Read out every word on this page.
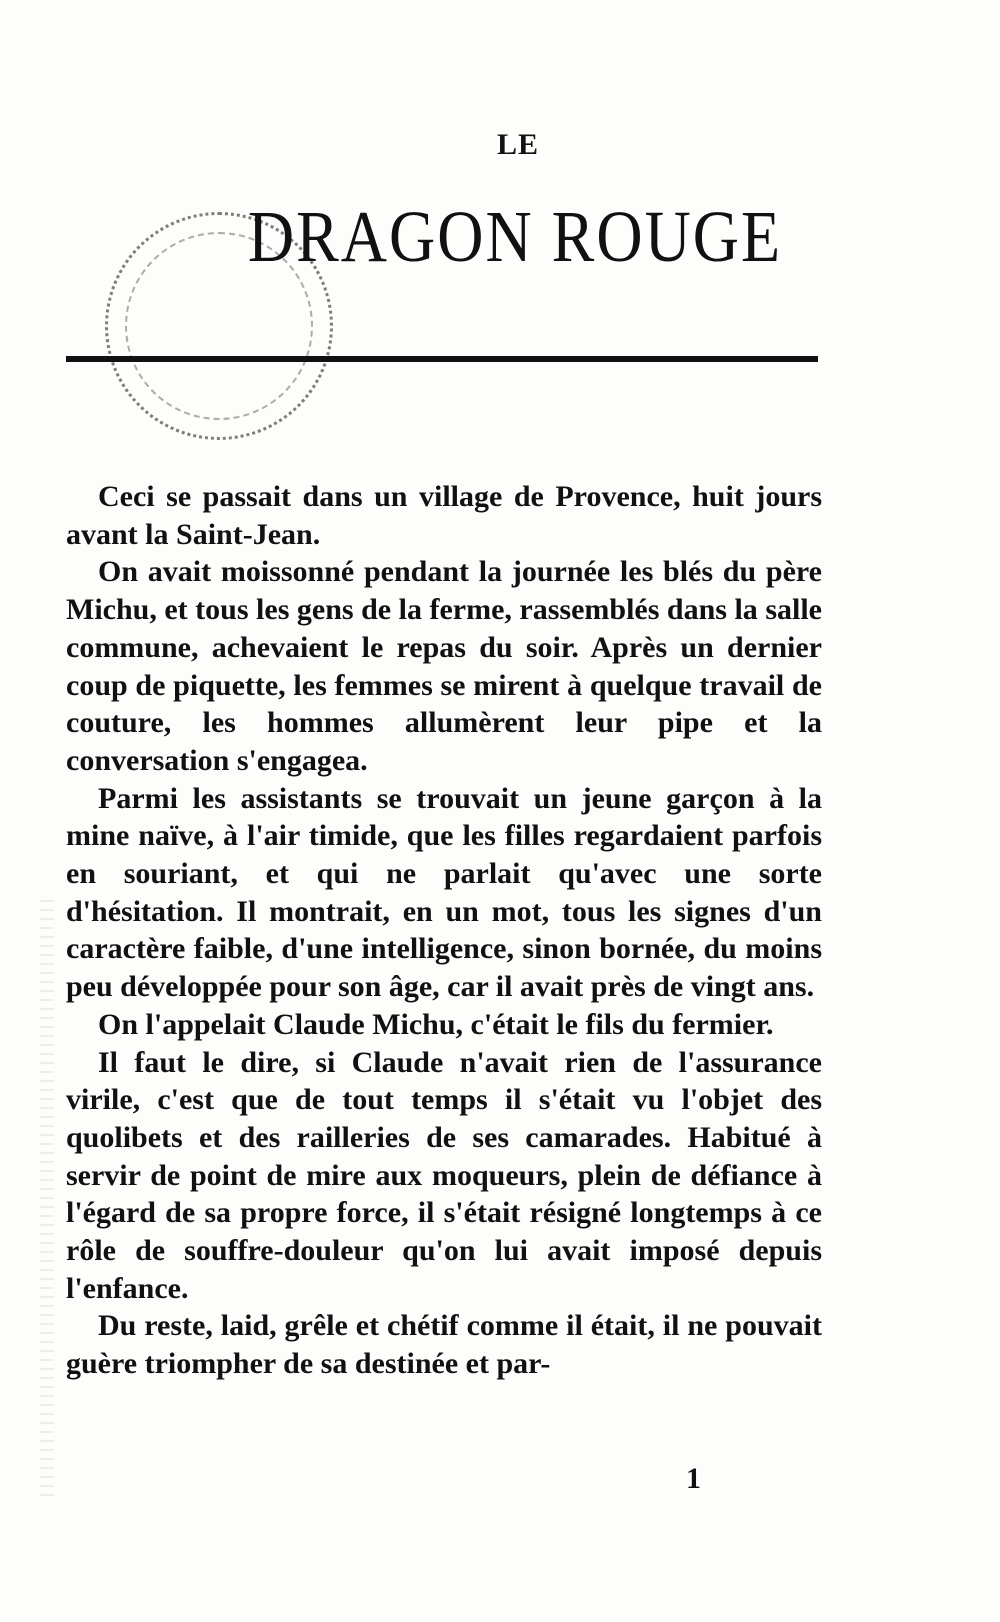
LE
DRAGON ROUGE

Ceci se passait dans un village de Provence, huit jours avant la Saint-Jean.

On avait moissonné pendant la journée les blés du père Michu, et tous les gens de la ferme, rassemblés dans la salle commune, achevaient le repas du soir. Après un dernier coup de piquette, les femmes se mirent à quelque travail de couture, les hommes allumèrent leur pipe et la conversation s'engagea.

Parmi les assistants se trouvait un jeune garçon à la mine naïve, à l'air timide, que les filles regardaient parfois en souriant, et qui ne parlait qu'avec une sorte d'hésitation. Il montrait, en un mot, tous les signes d'un caractère faible, d'une intelligence, sinon bornée, du moins peu développée pour son âge, car il avait près de vingt ans.

On l'appelait Claude Michu, c'était le fils du fermier.

Il faut le dire, si Claude n'avait rien de l'assurance virile, c'est que de tout temps il s'était vu l'objet des quolibets et des railleries de ses camarades. Habitué à servir de point de mire aux moqueurs, plein de défiance à l'égard de sa propre force, il s'était résigné longtemps à ce rôle de souffre-douleur qu'on lui avait imposé depuis l'enfance.

Du reste, laid, grêle et chétif comme il était, il ne pouvait guère triompher de sa destinée et par-

1
